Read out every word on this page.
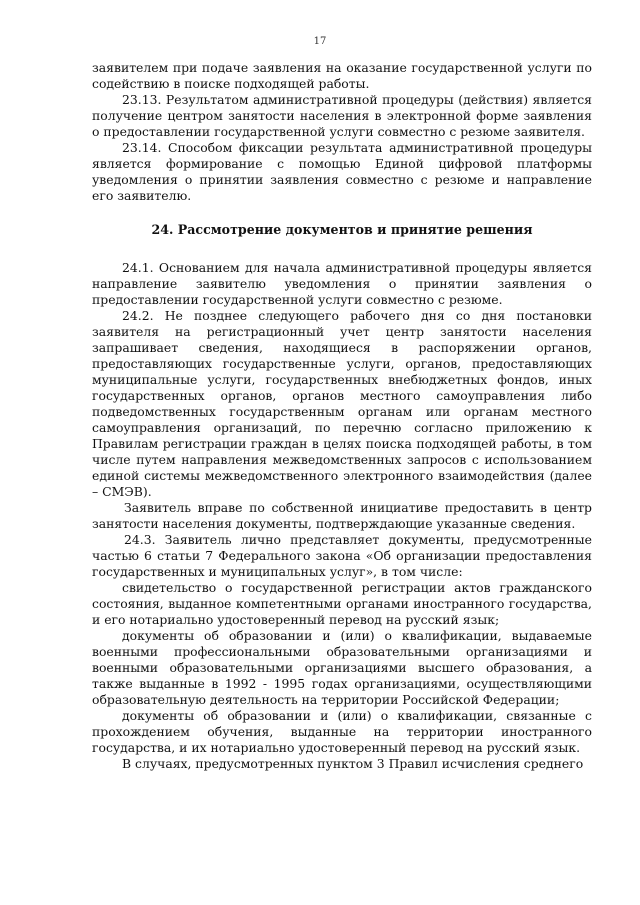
17

заявителем при подаче заявления на оказание государственной услуги по содействию в поиске подходящей работы.

23.13. Результатом административной процедуры (действия) является получение центром занятости населения в электронной форме заявления о предоставлении государственной услуги совместно с резюме заявителя.

23.14. Способом фиксации результата административной процедуры является формирование с помощью Единой цифровой платформы уведомления о принятии заявления совместно с резюме и направление его заявителю.

24. Рассмотрение документов и принятие решения

24.1. Основанием для начала административной процедуры является направление заявителю уведомления о принятии заявления о предоставлении государственной услуги совместно с резюме.

24.2. Не позднее следующего рабочего дня со дня постановки заявителя на регистрационный учет центр занятости населения запрашивает сведения, находящиеся в распоряжении органов, предоставляющих государственные услуги, органов, предоставляющих муниципальные услуги, государственных внебюджетных фондов, иных государственных органов, органов местного самоуправления либо подведомственных государственным органам или органам местного самоуправления организаций, по перечню согласно приложению к Правилам регистрации граждан в целях поиска подходящей работы, в том числе путем направления межведомственных запросов с использованием единой системы межведомственного электронного взаимодействия (далее – СМЭВ).

Заявитель вправе по собственной инициативе предоставить в центр занятости населения документы, подтверждающие указанные сведения.

24.3. Заявитель лично представляет документы, предусмотренные частью 6 статьи 7 Федерального закона «Об организации предоставления государственных и муниципальных услуг», в том числе:

свидетельство о государственной регистрации актов гражданского состояния, выданное компетентными органами иностранного государства, и его нотариально удостоверенный перевод на русский язык;

документы об образовании и (или) о квалификации, выдаваемые военными профессиональными образовательными организациями и военными образовательными организациями высшего образования, а также выданные в 1992 - 1995 годах организациями, осуществляющими образовательную деятельность на территории Российской Федерации;

документы об образовании и (или) о квалификации, связанные с прохождением обучения, выданные на территории иностранного государства, и их нотариально удостоверенный перевод на русский язык.

В случаях, предусмотренных пунктом 3 Правил исчисления среднего
